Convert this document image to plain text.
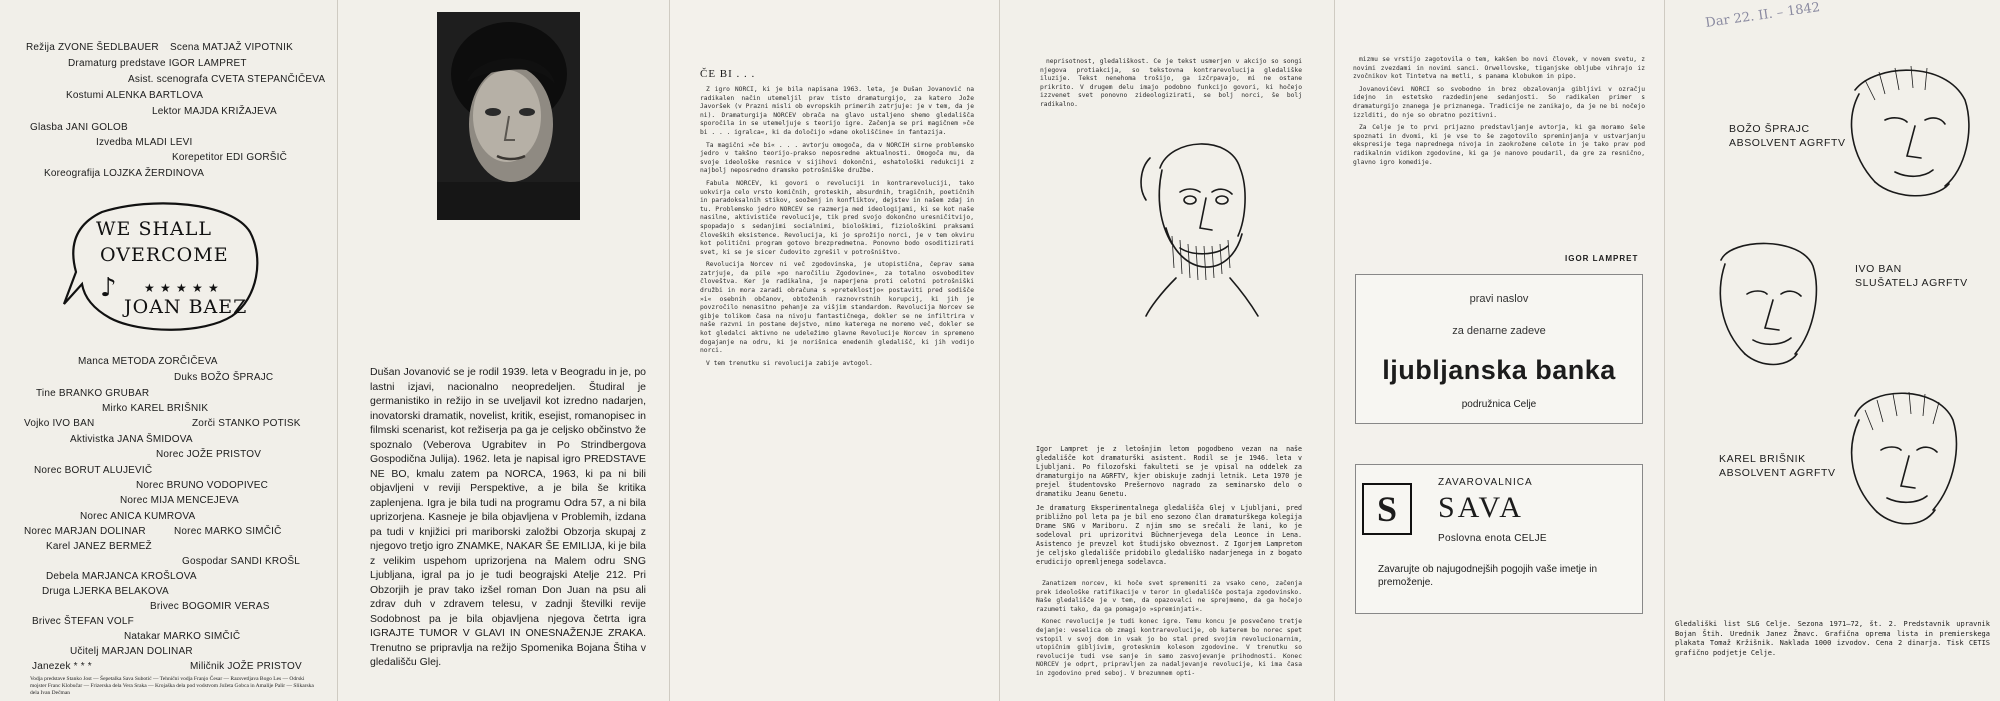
Režija ZVONE ŠEDLBAUER Scena MATJAŽ VIPOTNIK
Dramaturg predstave IGOR LAMPRET
Asist. scenografa CVETA STEPANČIČEVA
Kostumi ALENKA BARTLOVA
Lektor MAJDA KRIŽAJEVA
Glasba JANI GOLOB
Izvedba MLADI LEVI
Korepetitor EDI GORŠIČ
Koreografija LOJZKA ŽERDINOVA
★ ★ ★ ★ ★
♪
WE SHALL
OVERCOME
JOAN BAEZ
Manca METODA ZORČIČEVA
Duks BOŽO ŠPRAJC
Tine BRANKO GRUBAR
Mirko KAREL BRIŠNIK
Vojko IVO BAN	Zorči STANKO POTISK
Aktivistka JANA ŠMIDOVA
Norec JOŽE PRISTOV
Norec BORUT ALUJEVIČ
Norec BRUNO VODOPIVEC
Norec MIJA MENCEJEVA
Norec ANICA KUMROVA
Norec MARJAN DOLINAR	Norec MARKO SIMČIČ
Karel JANEZ BERMEŽ
Gospodar SANDI KROŠL
Debela MARJANCA KROŠLOVA
Druga LJERKA BELAKOVA
Brivec BOGOMIR VERAS
Brivec ŠTEFAN VOLF
Natakar MARKO SIMČIČ
Učitelj MARJAN DOLINAR
Janezek * * *	Miličnik JOŽE PRISTOV
Vodja predstave Stanko Jost — Šepetalka Sava Subotić — Tehnični vodja Franjo Česar — Razsvetljava Bogo Les — Odrski mojster Franc Klobučar — Frizerska dela Vera Sraka — Krojaška dela pod vodstvom Jožeta Gobca in Amalije Palir — Slikarska dela Ivan Dečman
Dušan Jovanović se je rodil 1939. leta v Beogradu in je, po lastni izjavi, nacionalno neopredeljen. Študiral je germanistiko in režijo in se uveljavil kot izredno nadarjen, inovatorski dramatik, novelist, kritik, esejist, romanopisec in filmski scenarist, kot režiserja pa ga je celjsko občinstvo že spoznalo (Veberova Ugrabitev in Po Strindbergova Gospodična Julija). 1962. leta je napisal igro PREDSTAVE NE BO, kmalu zatem pa NORCA, 1963, ki pa ni bili objavljeni v reviji Perspektive, a je bila še kritika zaplenjena. Igra je bila tudi na programu Odra 57, a ni bila uprizorjena. Kasneje je bila objavljena v Problemih, izdana pa tudi v knjižici pri mariborski založbi Obzorja skupaj z njegovo tretjo igro ZNAMKE, NAKAR ŠE EMILIJA, ki je bila z velikim uspehom uprizorjena na Malem odru SNG Ljubljana, igral pa jo je tudi beograjski Atelje 212. Pri Obzorjih je prav tako izšel roman Don Juan na psu ali zdrav duh v zdravem telesu, v zadnji številki revije Sodobnost pa je bila objavljena njegova četrta igra IGRAJTE TUMOR V GLAVI IN ONESNAŽENJE ZRAKA. Trenutno se pripravlja na režijo Spomenika Bojana Štiha v gledališču Glej.
ČE BI . . .

Z igro NORCI, ki je bila napisana 1963. leta, je Dušan Jovanović na radikalen način utemeljil prav tisto dramaturgijo, za katero Jože Javoršek (v Prazni misli ob evropskih primerih zatrjuje: je v tem, da je ni). Dramaturgija NORCEV obrača na glavo ustaljeno shemo gledališča sporočila in se utemeljuje s teorijo igre. Začenja se pri magičnem »če bi . . . igralca«, ki da določijo »dane okoliščine« in fantazija.

Ta magični »če bi« . . . avtorju omogoča, da v NORCIH sirne problemsko jedro v takšno teorijo-prakso neposredne aktualnosti. Omogoča mu, da svoje ideološke resnice v sijihovi dokončni, eshatološki redukciji z najbolj neposredno dramsko potrošniške družbe.

Fabula NORCEV, ki govori o revoluciji in kontrarevoluciji, tako uokvirja celo vrsto komičnih, groteskih, absurdnih, tragičnih, poetičnih in paradoksalnih stikov, sooženj in konfliktov, dejstev in našem zdaj in tu. Problemsko jedro NORCEV se razmerja med ideologijami, ki se kot naše nasilne, aktivističe revolucije, tik pred svojo dokončno uresničitvijo, spopadajo s sedanjimi socialnimi, biološkimi, fiziološkimi praksami človeških eksistence. Revolucija, ki jo sprožijo norci, je v tem okviru kot politični program gotovo brezpredmetna. Ponovno bodo osoditizirati svet, ki se je sicer čudovito zgrešil v potrošništvo.

Revolucija Norcev ni več zgodovinska, je utopistična, čeprav sama zatrjuje, da pile »po naročiliu Zgodovine«, za totalno osvoboditev človeštva. Ker je radikalna, je naperjena proti celotni potrošniški družbi in mora zaradi obračuna s »preteklostjo« postaviti pred sodišče »i« osebnih občanov, obtoženih raznovrstnih korupcij, ki jih je povzročilo nenasitno pehanje za višjim standardom. Revolucija Norcev se gibje tolikom časa na nivoju fantastičnega, dokler se ne infiltrira v naše razvni in postane dejstvo, mimo katerega ne moremo več, dokler se kot gledalci aktivno ne udeležimo glavne Revolucije Norcev in spremeno dogajanje na odru, ki je norišnica enedenih gledališč, ki jih vodijo norci.

V tem trenutku si revolucija zabije avtogol.

neprisotnost, gledališkost. Če je tekst usmerjen v akcijo so songi njegova protiakcija, so tekstovna kontrarevolucija gledališke iluzije. Tekst nenehoma trošijo, ga izčrpavajo, mi ne ostane prikrito. V drugem delu imajo podobno funkcijo govori, ki hočejo izzvenet svet ponovno zideologizirati, se bolj norci, še bolj radikalno.

Igor Lampret je z letošnjim letom pogodbeno vezan na naše gledališče kot dramaturški asistent. Rodil se je 1946. leta v Ljubljani. Po filozofski fakulteti se je vpisal na oddelek za dramaturgijo na AGRFTV, kjer obiskuje zadnji letnik. Leta 1970 je prejel študentovsko Prešernovo nagrado za seminarsko delo o dramatiku Jeanu Genetu.

Je dramaturg Eksperimentalnega gledališča Glej v Ljubljani, pred približno pol leta pa je bil eno sezono član dramaturškega kolegija Drame SNG v Mariboru. Z njim smo se srečali že lani, ko je sodeloval pri uprizoritvi Büchnerjevega dela Leonce in Lena. Asistenco je prevzel kot študijsko obveznost. Z Igorjem Lampretom je celjsko gledališče pridobilo gledališko nadarjenega in z bogato erudicijo opremljenega sodelavca.

Zanatizem norcev, ki hoče svet spremeniti za vsako ceno, začenja prek ideološke ratifikacije v teror in gledališče postaja zgodovinsko. Naše gledališče je v tem, da opazovalci ne sprejmemo, da ga hočejo razumeti tako, da ga pomagajo »spreminjati«.

Konec revolucije je tudi konec igre. Temu koncu je posvečeno tretje dejanje: veselica ob zmagi kontrarevolucije, ob katerem bo norec spet vstopil v svoj dom in vsak jo bo stal pred svojim revolucionarnim, utopičnim gibljivim, grotesknim kolesom zgodovine. V trenutku so revolucije tudi vse sanje in samo zasvojevanje prihodnosti. Konec NORCEV je odprt, pripravljen za nadaljevanje revolucije, ki ima časa in zgodovino pred seboj. V brezumnem opti-

mizmu se vrstijo zagotovila o tem, kakšen bo novi človek, v novem svetu, z novimi zvezdami in novimi sanci. Orwellovske, tiganjske obljube vihrajo iz zvočnikov kot Tintetva na metli, s panama klobukom in pipo.

Jovanovićevi NORCI so svobodno in brez obzalovanja gibljivi v ozračju idejno in estetsko razdedinjene sedanjosti. So radikalen primer s dramaturgijo znanega je priznanega. Tradicije ne zanikajo, da je ne bi nočejo izzlditi, do nje so obratno pozitivni.

Za Celje je to prvi prijazno predstavljanje avtorja, ki ga moramo šele spoznati in dvomi, ki je vse to še zagotovilo spreminjanja v ustvarjanju ekspresije tega naprednega nivoja in zaokrožene celote in je tako prav pod radikalnim vidikom zgodovine, ki ga je nanovo poudaril, da gre za resnično, glavno igro komedije.

IGOR LAMPRET
pravi naslov
za denarne zadeve
ljubljanska banka
podružnica Celje
S
ZAVAROVALNICA
SAVA
Poslovna enota CELJE
Zavarujte ob najugodnejših pogojih vaše imetje in premoženje.
Dar 22. II. – 1842
BOŽO ŠPRAJC
ABSOLVENT AGRFTV
IVO BAN
SLUŠATELJ AGRFTV
KAREL BRIŠNIK
ABSOLVENT AGRFTV
Gledališki list SLG Celje. Sezona 1971–72, št. 2. Predstavnik upravnik Bojan Štih. Urednik Janez Žmavc. Grafična oprema lista in premierskega plakata Tomaž Kržišnik. Naklada 1000 izvodov. Cena 2 dinarja. Tisk CETIS grafično podjetje Celje.
